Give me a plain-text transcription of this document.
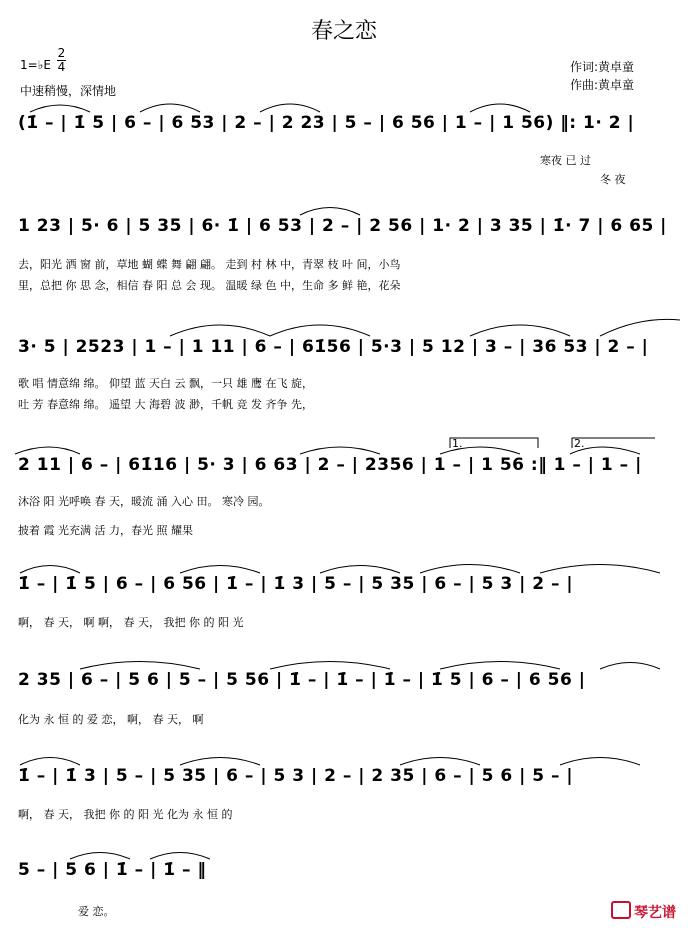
春之恋
1=♭E
2
4
中速稍慢，深情地
作词:黄卓童
作曲:黄卓童
(1̇ – | 1̇ 5 | 6 – | 6 53 | 2 – | 2 23 | 5 – | 6 56 | 1 – | 1 56) ‖: 1· 2 |
寒夜 已 过
冬 夜
1 23 | 5· 6 | 5 35 | 6· 1̇ | 6 53 | 2 – | 2 56 | 1· 2 | 3 35 | 1̇· 7 | 6 65 |
去，阳光 洒 窗 前，草地 蝴 蝶 舞 翩 翩。 走到 村 林 中，青翠 枝 叶 间，小鸟
里，总把 你 思 念，相信 春 阳 总 会 现。 温暖 绿 色 中，生命 多 鲜 艳，花朵
3· 5 | 2523 | 1 – | 1 11 | 6 – | 61̇56 | 5·3 | 5 12 | 3 – | 36 53 | 2 – |
歌 唱 情意绵 绵。 仰望 蓝 天白 云 飘，一只 雄 鹰 在飞 旋，
吐 芳 春意绵 绵。 遥望 大 海碧 波 渺，千帆 竞 发 齐争 先，
1.	2.
2 11 | 6 – | 61̇16 | 5· 3 | 6 63 | 2 – | 2356 | 1 – | 1 56 :‖ 1 – | 1 – |
沐浴 阳 光呼唤 春 天，暖流 涌 入心 田。 寒冷 园。
披着 霞 光充满 活 力，春光 照 耀果
1̇ – | 1̇ 5 | 6 – | 6 56 | 1̇ – | 1̇ 3 | 5 – | 5 35 | 6 – | 5 3 | 2 – |
啊， 春 天， 啊 啊， 春 天， 我把 你 的 阳 光
2 35 | 6 – | 5 6 | 5 – | 5 56 | 1̇ – | 1̇ – | 1̇ – | 1̇ 5 | 6 – | 6 56 |
化为 永 恒 的 爱 恋， 啊， 春 天， 啊
1̇ – | 1̇ 3 | 5 – | 5 35 | 6 – | 5 3 | 2 – | 2 35 | 6 – | 5 6 | 5 – |
啊， 春 天， 我把 你 的 阳 光 化为 永 恒 的
5 – | 5 6 | 1̇ – | 1̇ – ‖
爱 恋。	琴艺谱
